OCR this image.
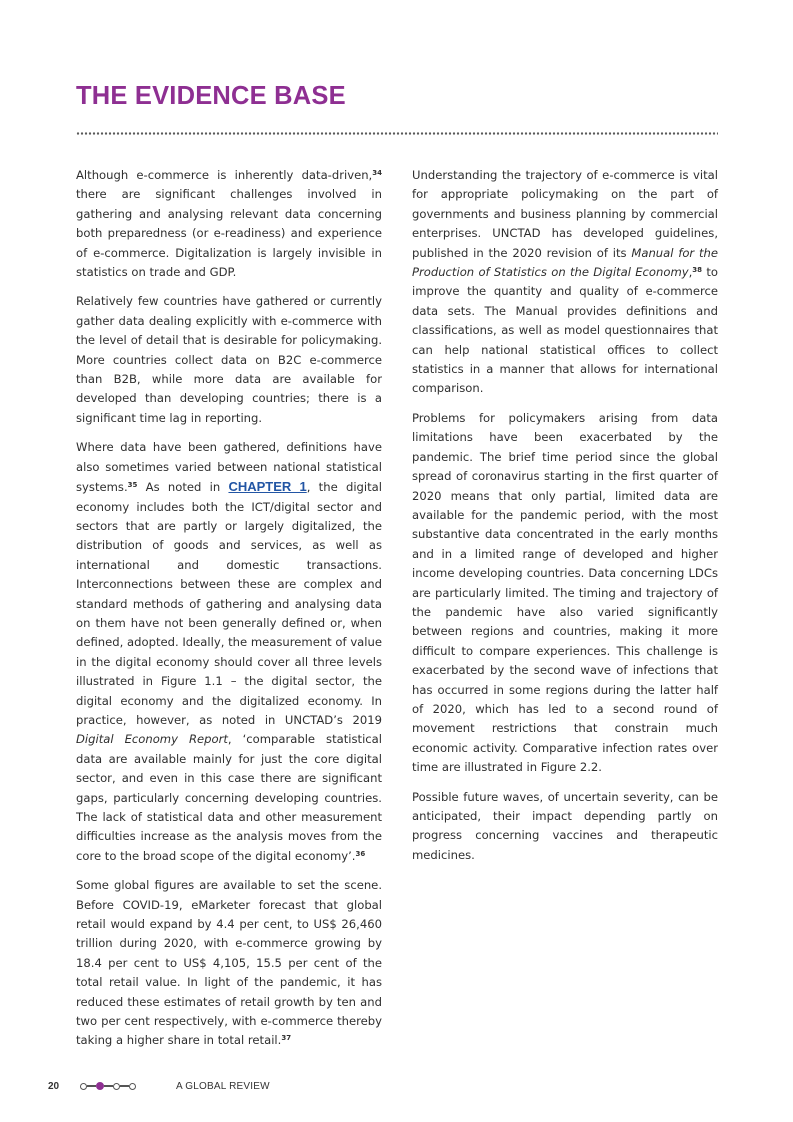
THE EVIDENCE BASE

Although e-commerce is inherently data-driven,$^{34}$ there are significant challenges involved in gathering and analysing relevant data concerning both preparedness (or e-readiness) and experience of e-commerce. Digitalization is largely invisible in statistics on trade and GDP.

Relatively few countries have gathered or currently gather data dealing explicitly with e-commerce with the level of detail that is desirable for policymaking. More countries collect data on B2C e-commerce than B2B, while more data are available for developed than developing countries; there is a significant time lag in reporting.

Where data have been gathered, definitions have also sometimes varied between national statistical systems.$^{35}$ As noted in CHAPTER 1, the digital economy includes both the ICT/digital sector and sectors that are partly or largely digitalized, the distribution of goods and services, as well as international and domestic transactions. Interconnections between these are complex and standard methods of gathering and analysing data on them have not been generally defined or, when defined, adopted. Ideally, the measurement of value in the digital economy should cover all three levels illustrated in Figure 1.1 – the digital sector, the digital economy and the digitalized economy. In practice, however, as noted in UNCTAD’s 2019 Digital Economy Report, ‘comparable statistical data are available mainly for just the core digital sector, and even in this case there are significant gaps, particularly concerning developing countries. The lack of statistical data and other measurement difficulties increase as the analysis moves from the core to the broad scope of the digital economy’.$^{36}$

Some global figures are available to set the scene. Before COVID-19, eMarketer forecast that global retail would expand by 4.4 per cent, to US$ 26,460 trillion during 2020, with e-commerce growing by 18.4 per cent to US$ 4,105, 15.5 per cent of the total retail value. In light of the pandemic, it has reduced these estimates of retail growth by ten and two per cent respectively, with e-commerce thereby taking a higher share in total retail.$^{37}$

Understanding the trajectory of e-commerce is vital for appropriate policymaking on the part of governments and business planning by commercial enterprises. UNCTAD has developed guidelines, published in the 2020 revision of its Manual for the Production of Statistics on the Digital Economy,$^{38}$ to improve the quantity and quality of e-commerce data sets. The Manual provides definitions and classifications, as well as model questionnaires that can help national statistical offices to collect statistics in a manner that allows for international comparison.

Problems for policymakers arising from data limitations have been exacerbated by the pandemic. The brief time period since the global spread of coronavirus starting in the first quarter of 2020 means that only partial, limited data are available for the pandemic period, with the most substantive data concentrated in the early months and in a limited range of developed and higher income developing countries. Data concerning LDCs are particularly limited. The timing and trajectory of the pandemic have also varied significantly between regions and countries, making it more difficult to compare experiences. This challenge is exacerbated by the second wave of infections that has occurred in some regions during the latter half of 2020, which has led to a second round of movement restrictions that constrain much economic activity. Comparative infection rates over time are illustrated in Figure 2.2.

Possible future waves, of uncertain severity, can be anticipated, their impact depending partly on progress concerning vaccines and therapeutic medicines.

20	A GLOBAL REVIEW
